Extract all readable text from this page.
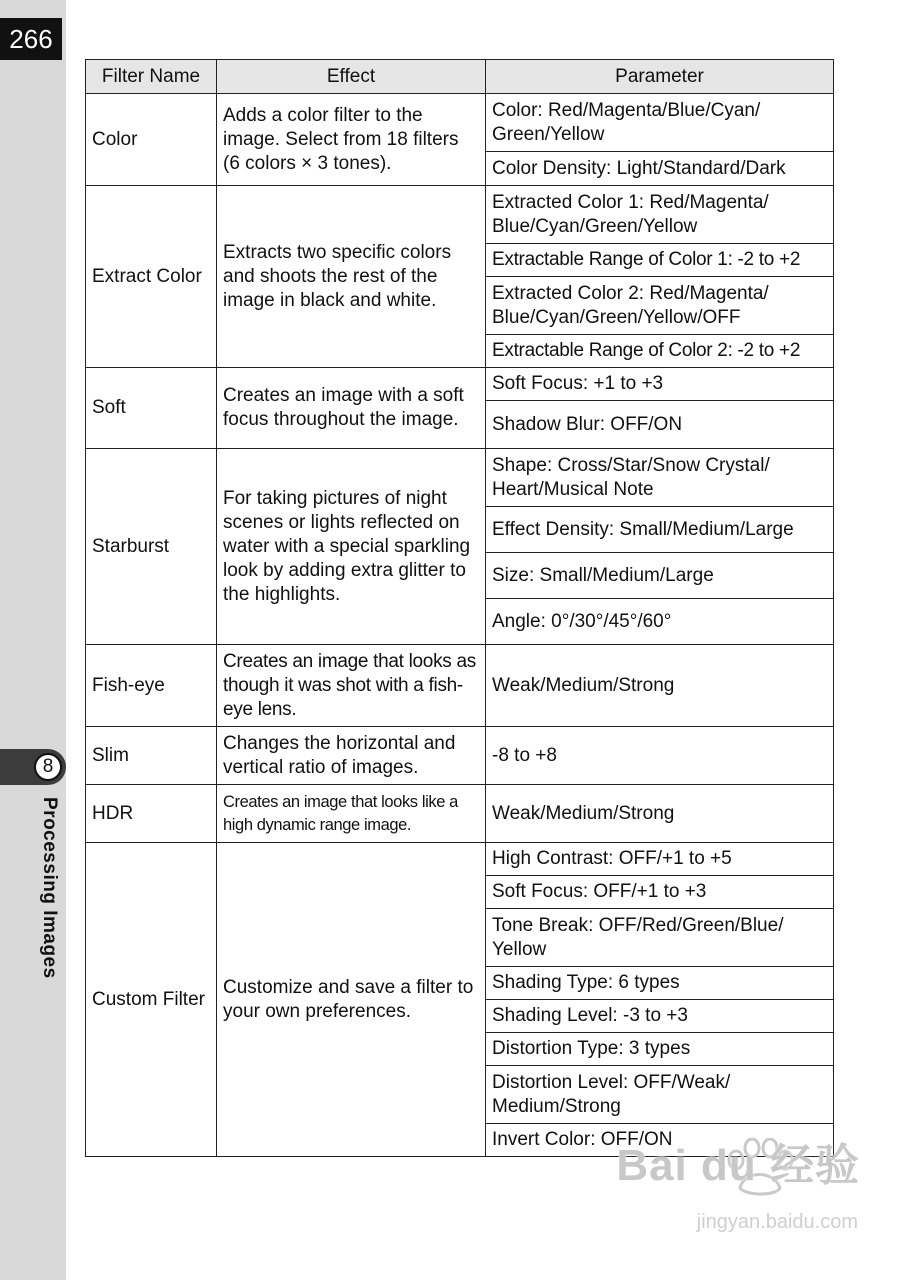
266
8
Processing Images
Filter Name	Effect	Parameter
Color	Adds a color filter to the image. Select from 18 filters (6 colors × 3 tones).	Color: Red/Magenta/Blue/Cyan/ Green/Yellow
		Color Density: Light/Standard/Dark
Extract Color	Extracts two specific colors and shoots the rest of the image in black and white.	Extracted Color 1: Red/Magenta/ Blue/Cyan/Green/Yellow
		Extractable Range of Color 1: -2 to +2
		Extracted Color 2: Red/Magenta/ Blue/Cyan/Green/Yellow/OFF
		Extractable Range of Color 2: -2 to +2
Soft	Creates an image with a soft focus throughout the image.	Soft Focus: +1 to +3
		Shadow Blur: OFF/ON
Starburst	For taking pictures of night scenes or lights reflected on water with a special sparkling look by adding extra glitter to the highlights.	Shape: Cross/Star/Snow Crystal/ Heart/Musical Note
		Effect Density: Small/Medium/Large
		Size: Small/Medium/Large
		Angle: 0°/30°/45°/60°
Fish-eye	Creates an image that looks as though it was shot with a fish-eye lens.	Weak/Medium/Strong
Slim	Changes the horizontal and vertical ratio of images.	-8 to +8
HDR	Creates an image that looks like a high dynamic range image.	Weak/Medium/Strong
Custom Filter	Customize and save a filter to your own preferences.	High Contrast: OFF/+1 to +5
		Soft Focus: OFF/+1 to +3
		Tone Break: OFF/Red/Green/Blue/ Yellow
		Shading Type: 6 types
		Shading Level: -3 to +3
		Distortion Type: 3 types
		Distortion Level: OFF/Weak/ Medium/Strong
		Invert Color: OFF/ON
Bai du 经验
jingyan.baidu.com
